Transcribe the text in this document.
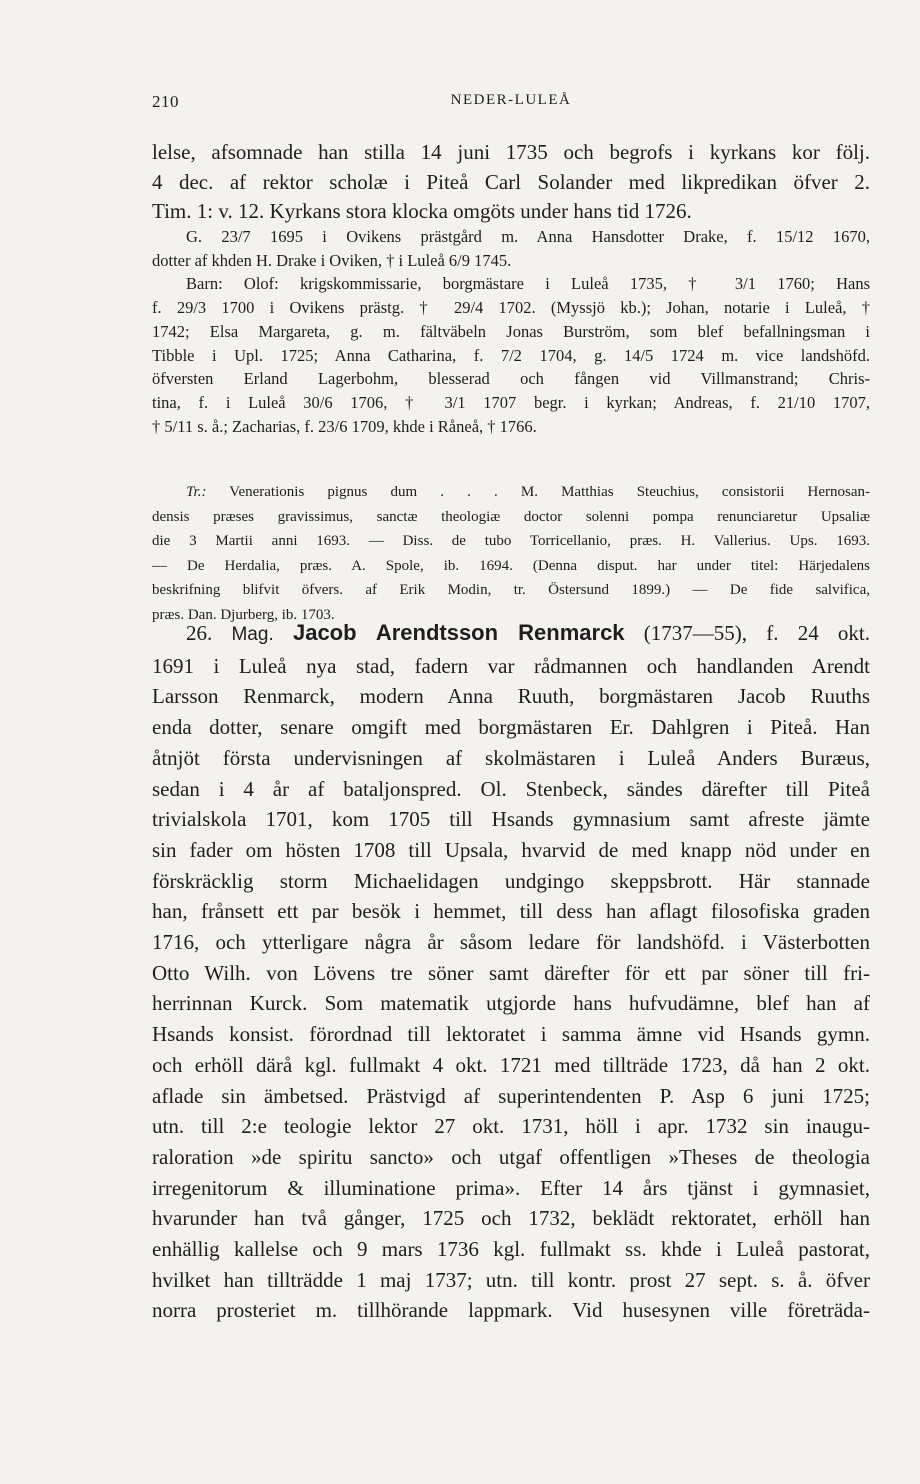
210	NEDER-LULEÅ
lelse, afsomnade han stilla 14 juni 1735 och begrofs i kyrkans kor följ.
4 dec. af rektor scholæ i Piteå Carl Solander med likpredikan öfver 2.
Tim. 1: v. 12. Kyrkans stora klocka omgöts under hans tid 1726.
G. 23/7 1695 i Ovikens prästgård m. Anna Hansdotter Drake, f. 15/12 1670,
dotter af khden H. Drake i Oviken, † i Luleå 6/9 1745.
Barn: Olof: krigskommissarie, borgmästare i Luleå 1735, † 3/1 1760; Hans
f. 29/3 1700 i Ovikens prästg. † 29/4 1702. (Myssjö kb.); Johan, notarie i Luleå, †
1742; Elsa Margareta, g. m. fältväbeln Jonas Burström, som blef befallningsman i
Tibble i Upl. 1725; Anna Catharina, f. 7/2 1704, g. 14/5 1724 m. vice landshöfd.
öfversten Erland Lagerbohm, blesserad och fången vid Villmanstrand; Chris-
tina, f. i Luleå 30/6 1706, † 3/1 1707 begr. i kyrkan; Andreas, f. 21/10 1707,
† 5/11 s. å.; Zacharias, f. 23/6 1709, khde i Råneå, † 1766.
Tr.: Venerationis pignus dum . . . M. Matthias Steuchius, consistorii Hernosan-
densis præses gravissimus, sanctæ theologiæ doctor solenni pompa renunciaretur Upsaliæ
die 3 Martii anni 1693. — Diss. de tubo Torricellanio, præs. H. Vallerius. Ups. 1693.
— De Herdalia, præs. A. Spole, ib. 1694. (Denna disput. har under titel: Härjedalens
beskrifning blifvit öfvers. af Erik Modin, tr. Östersund 1899.) — De fide salvifica,
præs. Dan. Djurberg, ib. 1703.
26. Mag. Jacob Arendtsson Renmarck (1737—55), f. 24 okt.
1691 i Luleå nya stad, fadern var rådmannen och handlanden Arendt
Larsson Renmarck, modern Anna Ruuth, borgmästaren Jacob Ruuths
enda dotter, senare omgift med borgmästaren Er. Dahlgren i Piteå. Han
åtnjöt första undervisningen af skolmästaren i Luleå Anders Buræus,
sedan i 4 år af bataljonspred. Ol. Stenbeck, sändes därefter till Piteå
trivialskola 1701, kom 1705 till Hsands gymnasium samt afreste jämte
sin fader om hösten 1708 till Upsala, hvarvid de med knapp nöd under en
förskräcklig storm Michaelidagen undgingo skeppsbrott. Här stannade
han, frånsett ett par besök i hemmet, till dess han aflagt filosofiska graden
1716, och ytterligare några år såsom ledare för landshöfd. i Västerbotten
Otto Wilh. von Lövens tre söner samt därefter för ett par söner till fri-
herrinnan Kurck. Som matematik utgjorde hans hufvudämne, blef han af
Hsands konsist. förordnad till lektoratet i samma ämne vid Hsands gymn.
och erhöll därå kgl. fullmakt 4 okt. 1721 med tillträde 1723, då han 2 okt.
aflade sin ämbetsed. Prästvigd af superintendenten P. Asp 6 juni 1725;
utn. till 2:e teologie lektor 27 okt. 1731, höll i apr. 1732 sin inaugu-
raloration »de spiritu sancto» och utgaf offentligen »Theses de theologia
irregenitorum & illuminatione prima». Efter 14 års tjänst i gymnasiet,
hvarunder han två gånger, 1725 och 1732, beklädt rektoratet, erhöll han
enhällig kallelse och 9 mars 1736 kgl. fullmakt ss. khde i Luleå pastorat,
hvilket han tillträdde 1 maj 1737; utn. till kontr. prost 27 sept. s. å. öfver
norra prosteriet m. tillhörande lappmark. Vid husesynen ville företräda-
